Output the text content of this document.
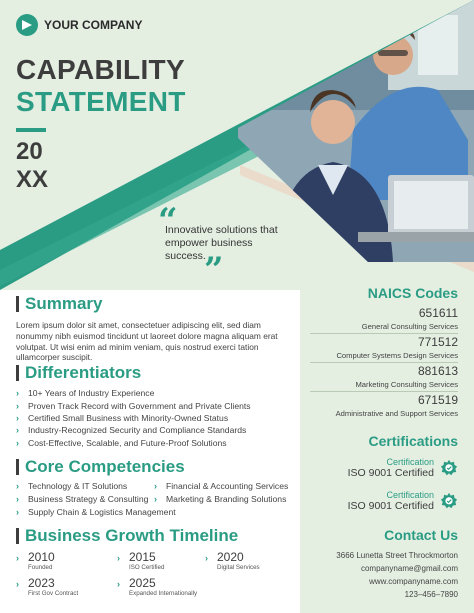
YOUR COMPANY
CAPABILITY
STATEMENT
20
XX
“
Innovative solutions that empower business success.
”
Summary

Lorem ipsum dolor sit amet, consectetuer adipiscing elit, sed diam nonummy nibh euismod tincidunt ut laoreet dolore magna aliquam erat volutpat. Ut wisi enim ad minim veniam, quis nostrud exerci tation ullamcorper suscipit.

Differentiators
›	10+ Years of Industry Experience
›	Proven Track Record with Government and Private Clients
›	Certified Small Business with Minority-Owned Status
›	Industry-Recognized Security and Compliance Standards
›	Cost-Effective, Scalable, and Future-Proof Solutions
Core Competencies
›	Technology & IT Solutions	›	Financial & Accounting Services
›	Business Strategy & Consulting ›	Marketing & Branding Solutions
›	Supply Chain & Logistics Management
Business Growth Timeline
› 2010
Founded
› 2015
ISO Certified
› 2020
Digital Services
› 2023
First Gov Contract
› 2025
Expanded Internationally
NAICS Codes
651611
General Consulting Services
771512
Computer Systems Design Services
881613
Marketing Consulting Services
671519
Administrative and Support Services
Certifications
Certification
ISO 9001 Certified
Certification
ISO 9001 Certified
Contact Us
3666 Lunetta Street Throckmorton
companyname@gmail.com
www.companyname.com
123–456–7890
